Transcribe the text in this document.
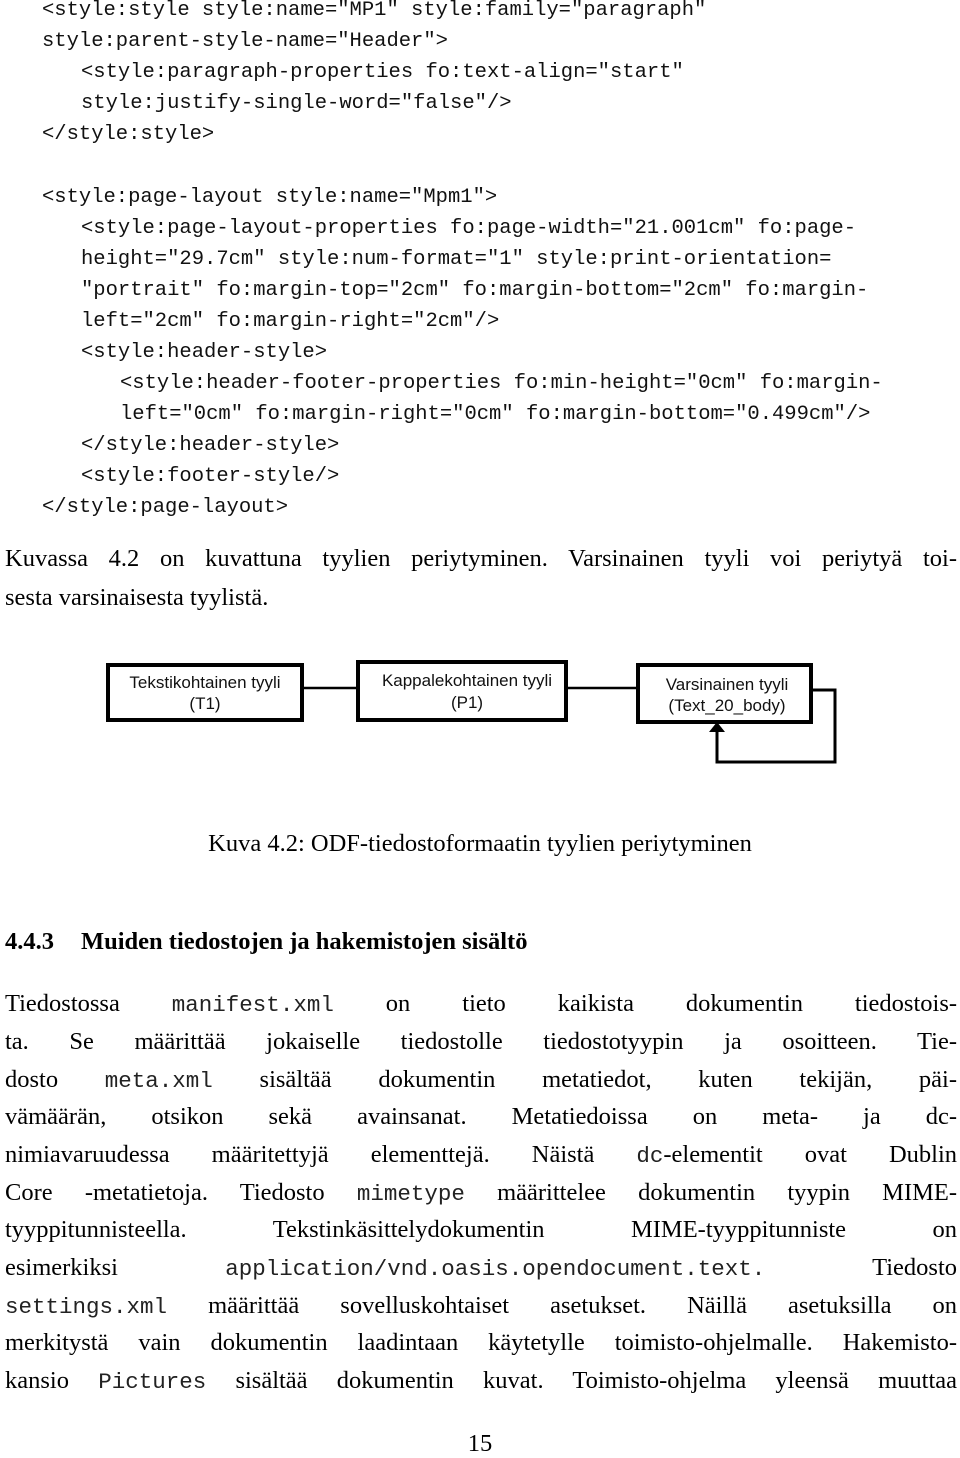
<style:style style:name="MP1" style:family="paragraph"
style:parent-style-name="Header">
<style:paragraph-properties fo:text-align="start"
style:justify-single-word="false"/>
</style:style>
<style:page-layout style:name="Mpm1">
<style:page-layout-properties fo:page-width="21.001cm" fo:page-
height="29.7cm" style:num-format="1" style:print-orientation=
"portrait" fo:margin-top="2cm" fo:margin-bottom="2cm" fo:margin-
left="2cm" fo:margin-right="2cm"/>
<style:header-style>
<style:header-footer-properties fo:min-height="0cm" fo:margin-
left="0cm" fo:margin-right="0cm" fo:margin-bottom="0.499cm"/>
</style:header-style>
<style:footer-style/>
</style:page-layout>
Kuvassa 4.2 on kuvattuna tyylien periytyminen. Varsinainen tyyli voi periytyä toi-
sesta varsinaisesta tyylistä.
Tekstikohtainen tyyli
(T1)
Kappalekohtainen tyyli
(P1)
Varsinainen tyyli
(Text_20_body)
Kuva 4.2: ODF-tiedostoformaatin tyylien periytyminen
4.4.3 Muiden tiedostojen ja hakemistojen sisältö
Tiedostossa manifest.xml on tieto kaikista dokumentin tiedostois-
ta. Se määrittää jokaiselle tiedostolle tiedostotyypin ja osoitteen. Tie-
dosto meta.xml sisältää dokumentin metatiedot, kuten tekijän, päi-
vämäärän, otsikon sekä avainsanat. Metatiedoissa on meta- ja dc-
nimiavaruudessa määritettyjä elementtejä. Näistä dc-elementit ovat Dublin
Core -metatietoja. Tiedosto mimetype määrittelee dokumentin tyypin MIME-
tyyppitunnisteella. Tekstinkäsittelydokumentin MIME-tyyppitunniste on
esimerkiksi	application/vnd.oasis.opendocument.text.	Tiedosto
settings.xml määrittää sovelluskohtaiset asetukset. Näillä asetuksilla on
merkitystä vain dokumentin laadintaan käytetylle toimisto-ohjelmalle. Hakemisto-
kansio Pictures sisältää dokumentin kuvat. Toimisto-ohjelma yleensä muuttaa
15
